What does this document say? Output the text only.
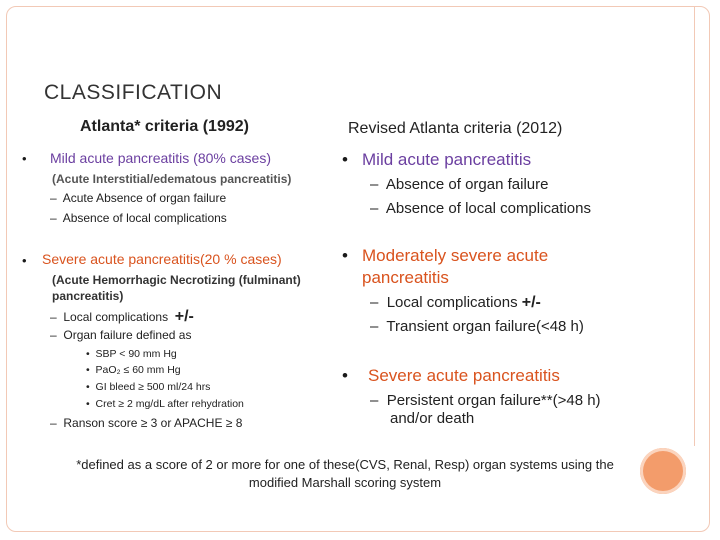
CLASSIFICATION
Atlanta* criteria (1992)
• Mild acute pancreatitis (80% cases)
(Acute Interstitial/edematous pancreatitis)
– Acute Absence of organ failure
– Absence of local complications
• Severe acute pancreatitis(20 % cases)
(Acute Hemorrhagic Necrotizing (fulminant)
pancreatitis)
– Local complications +/-
– Organ failure defined as
• SBP < 90 mm Hg
• PaO₂ ≤ 60 mm Hg
• GI bleed ≥ 500 ml/24 hrs
• Cret ≥ 2 mg/dL after rehydration
– Ranson score ≥ 3 or APACHE ≥ 8
Revised Atlanta criteria (2012)
• Mild acute pancreatitis
– Absence of organ failure
– Absence of local complications
• Moderately severe acute
pancreatitis
– Local complications +/-
– Transient organ failure(<48 h)
• Severe acute pancreatitis
– Persistent organ failure**(>48 h)
and/or death
*defined as a score of 2 or more for one of these(CVS, Renal, Resp) organ systems using the
modified Marshall scoring system
